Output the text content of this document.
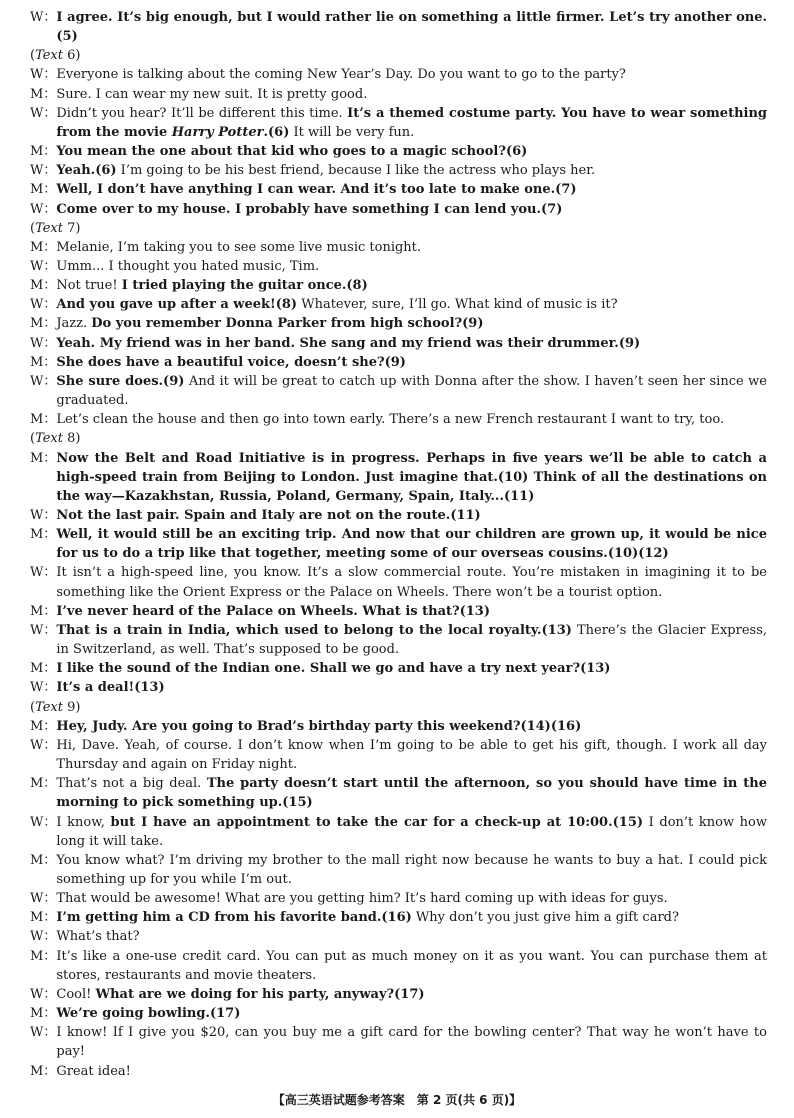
W： I agree. It’s big enough, but I would rather lie on something a little firmer. Let’s try another one.(5)
(Text 6)
W： Everyone is talking about the coming New Year’s Day. Do you want to go to the party?
M： Sure. I can wear my new suit. It is pretty good.
W： Didn’t you hear? It’ll be different this time. It’s a themed costume party. You have to wear something from the movie Harry Potter.(6) It will be very fun.
M： You mean the one about that kid who goes to a magic school?(6)
W： Yeah.(6) I’m going to be his best friend, because I like the actress who plays her.
M： Well, I don’t have anything I can wear. And it’s too late to make one.(7)
W： Come over to my house. I probably have something I can lend you.(7)
(Text 7)
M： Melanie, I’m taking you to see some live music tonight.
W： Umm... I thought you hated music, Tim.
M： Not true! I tried playing the guitar once.(8)
W： And you gave up after a week!(8) Whatever, sure, I’ll go. What kind of music is it?
M： Jazz. Do you remember Donna Parker from high school?(9)
W： Yeah. My friend was in her band. She sang and my friend was their drummer.(9)
M： She does have a beautiful voice, doesn’t she?(9)
W： She sure does.(9) And it will be great to catch up with Donna after the show. I haven’t seen her since we graduated.
M： Let’s clean the house and then go into town early. There’s a new French restaurant I want to try, too.
(Text 8)
M： Now the Belt and Road Initiative is in progress. Perhaps in five years we’ll be able to catch a high-speed train from Beijing to London. Just imagine that.(10) Think of all the destinations on the way—Kazakhstan, Russia, Poland, Germany, Spain, Italy...(11)
W： Not the last pair. Spain and Italy are not on the route.(11)
M： Well, it would still be an exciting trip. And now that our children are grown up, it would be nice for us to do a trip like that together, meeting some of our overseas cousins.(10)(12)
W： It isn’t a high-speed line, you know. It’s a slow commercial route. You’re mistaken in imagining it to be something like the Orient Express or the Palace on Wheels. There won’t be a tourist option.
M： I’ve never heard of the Palace on Wheels. What is that?(13)
W： That is a train in India, which used to belong to the local royalty.(13) There’s the Glacier Express, in Switzerland, as well. That’s supposed to be good.
M： I like the sound of the Indian one. Shall we go and have a try next year?(13)
W： It’s a deal!(13)
(Text 9)
M： Hey, Judy. Are you going to Brad’s birthday party this weekend?(14)(16)
W： Hi, Dave. Yeah, of course. I don’t know when I’m going to be able to get his gift, though. I work all day Thursday and again on Friday night.
M： That’s not a big deal. The party doesn’t start until the afternoon, so you should have time in the morning to pick something up.(15)
W： I know, but I have an appointment to take the car for a check-up at 10:00.(15) I don’t know how long it will take.
M： You know what? I’m driving my brother to the mall right now because he wants to buy a hat. I could pick something up for you while I’m out.
W： That would be awesome! What are you getting him? It’s hard coming up with ideas for guys.
M： I’m getting him a CD from his favorite band.(16) Why don’t you just give him a gift card?
W： What’s that?
M： It’s like a one-use credit card. You can put as much money on it as you want. You can purchase them at stores, restaurants and movie theaters.
W： Cool! What are we doing for his party, anyway?(17)
M： We’re going bowling.(17)
W： I know! If I give you $20, can you buy me a gift card for the bowling center? That way he won’t have to pay!
M： Great idea!
【高三英语试题参考答案　第 2 页(共 6 页)】
